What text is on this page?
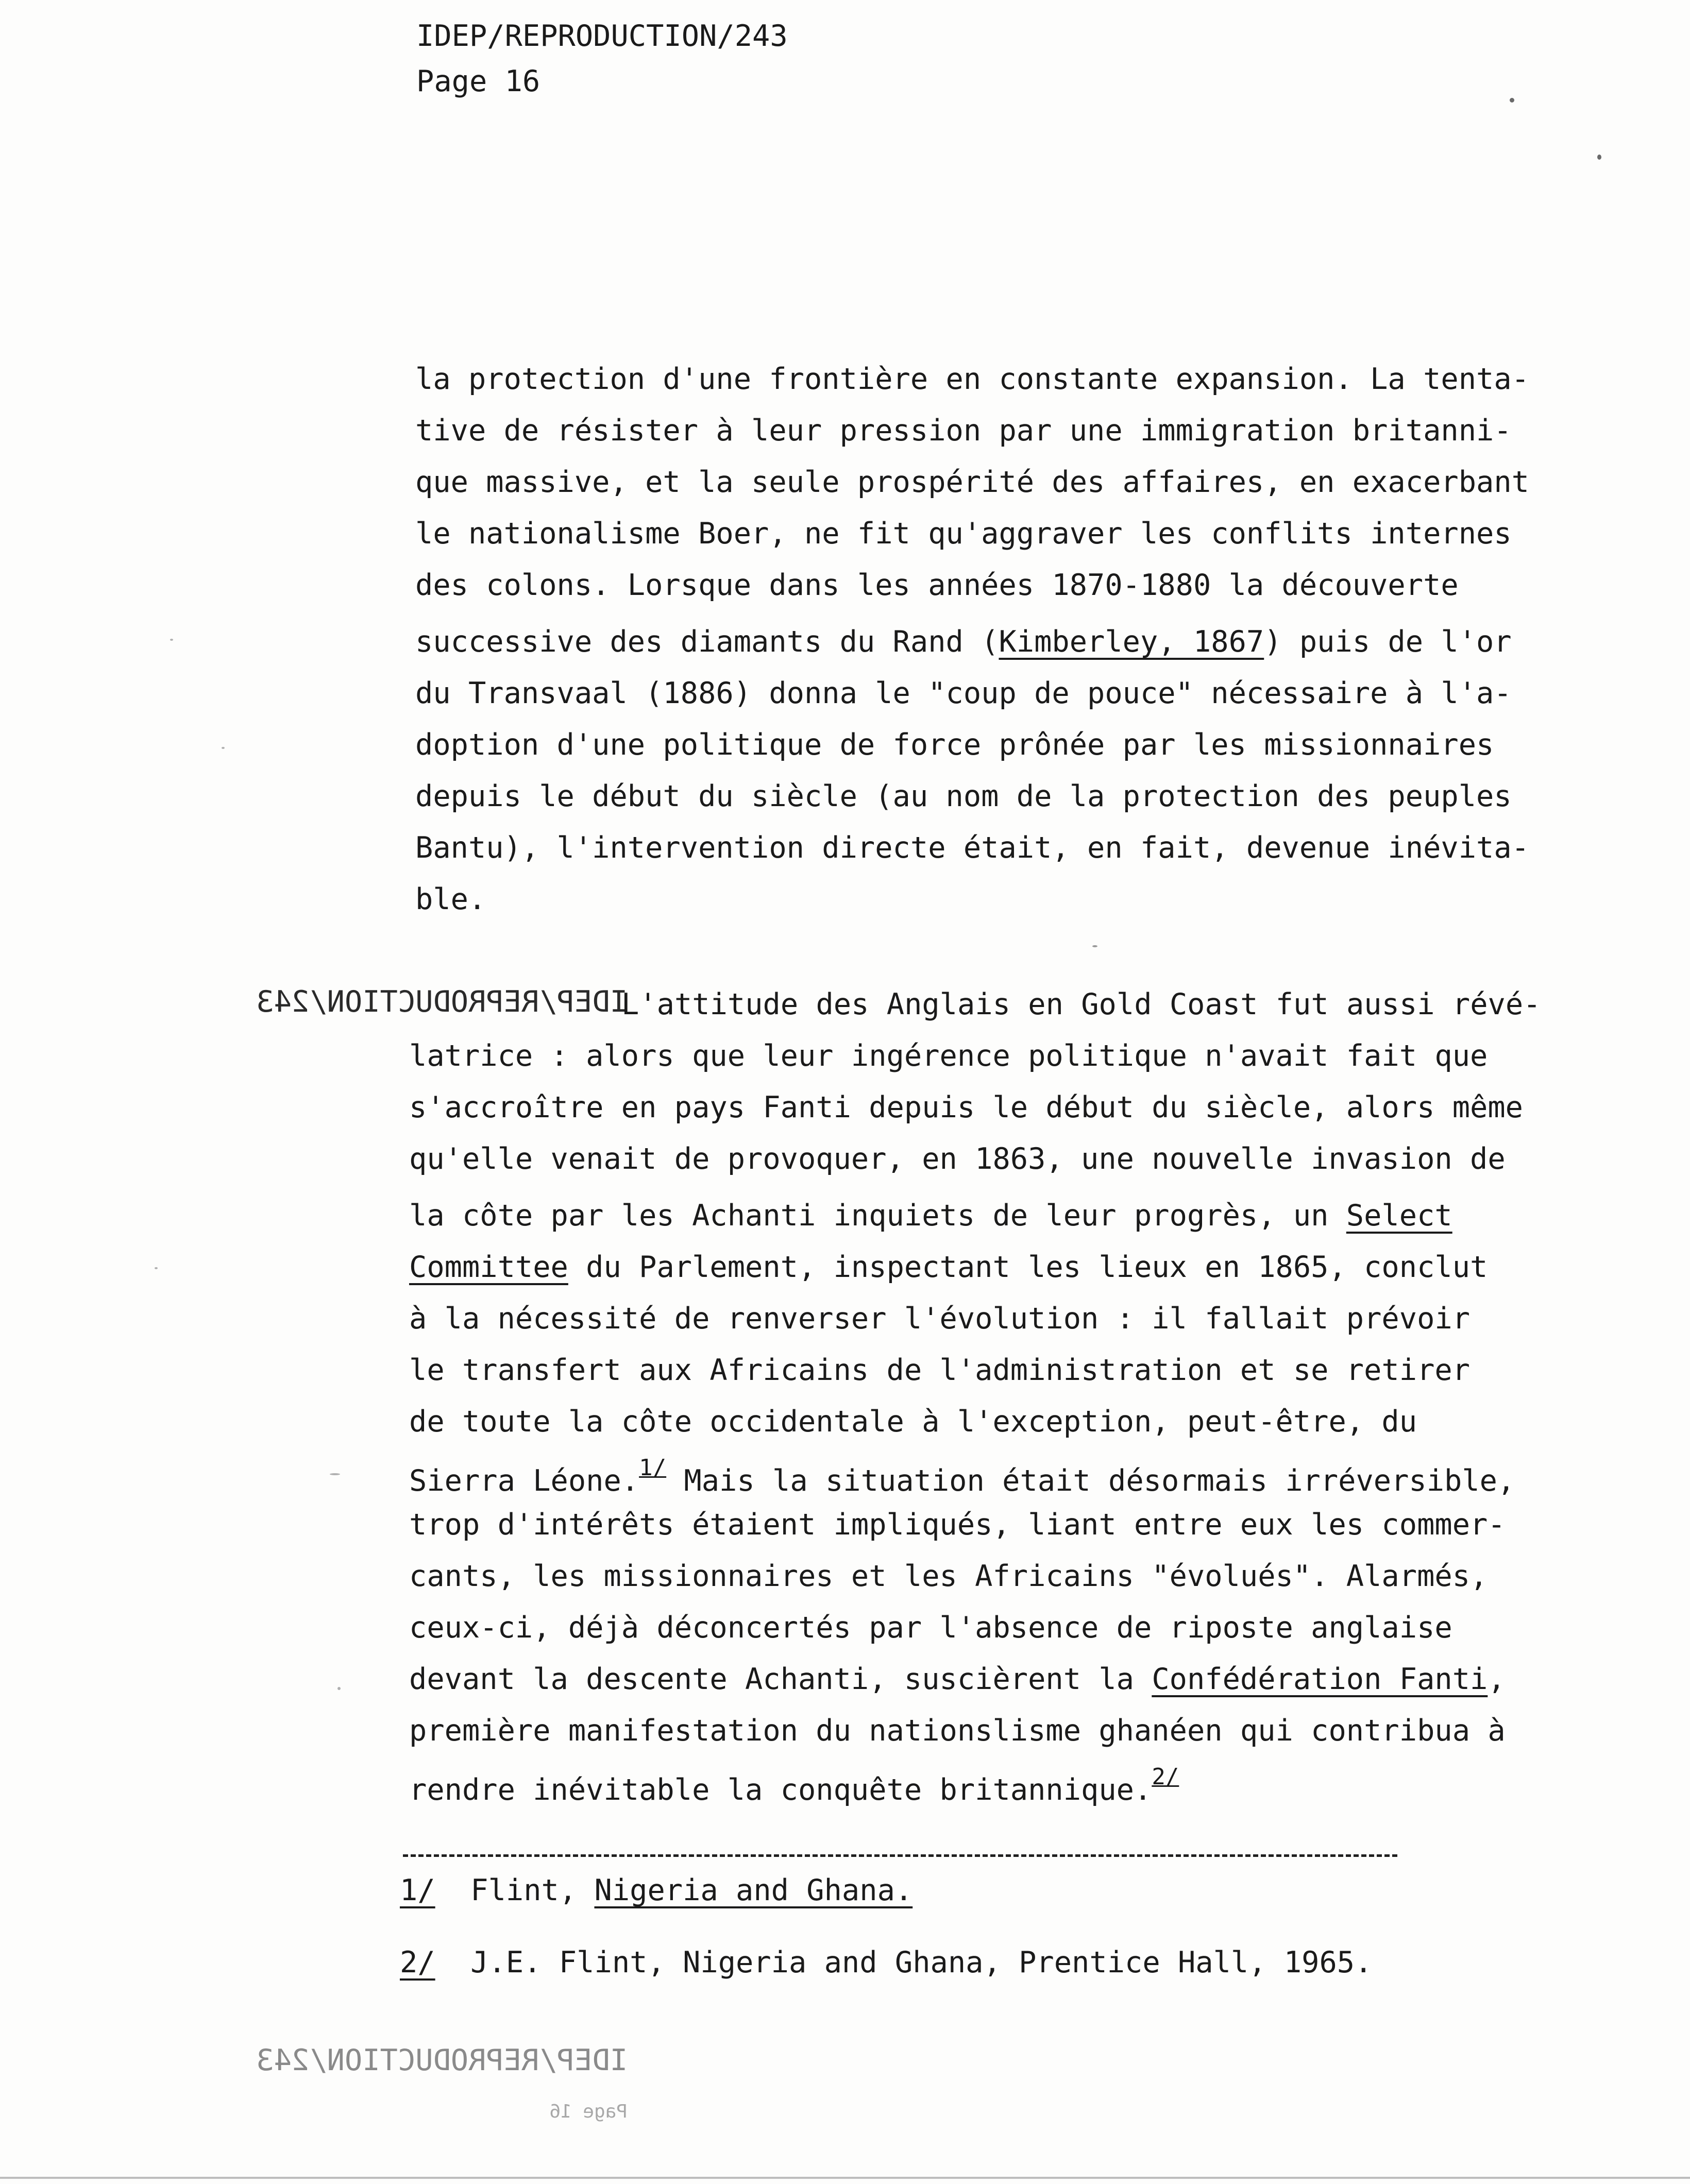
IDEP/REPRODUCTION/243
Page 16
la protection d'une frontière en constante expansion. La tenta-
tive de résister à leur pression par une immigration britanni-
que massive, et la seule prospérité des affaires, en exacerbant
le nationalisme Boer, ne fit qu'aggraver les conflits internes
des colons. Lorsque dans les années 1870-1880 la découverte
successive des diamants du Rand (Kimberley, 1867) puis de l'or
du Transvaal (1886) donna le "coup de pouce" nécessaire à l'a-
doption d'une politique de force prônée par les missionnaires
depuis le début du siècle (au nom de la protection des peuples
Bantu), l'intervention directe était, en fait, devenue inévita-
ble.
IDEP/REPRODUCTION/243
L'attitude des Anglais en Gold Coast fut aussi révé-
latrice : alors que leur ingérence politique n'avait fait que
s'accroître en pays Fanti depuis le début du siècle, alors même
qu'elle venait de provoquer, en 1863, une nouvelle invasion de
la côte par les Achanti inquiets de leur progrès, un Select
Committee du Parlement, inspectant les lieux en 1865, conclut
à la nécessité de renverser l'évolution : il fallait prévoir
le transfert aux Africains de l'administration et se retirer
de toute la côte occidentale à l'exception, peut-être, du
Sierra Léone.$^{1/}$ Mais la situation était désormais irréversible,
trop d'intérêts étaient impliqués, liant entre eux les commer-
cants, les missionnaires et les Africains "évolués". Alarmés,
ceux-ci, déjà déconcertés par l'absence de riposte anglaise
devant la descente Achanti, suscièrent la Confédération Fanti,
première manifestation du nationslisme ghanéen qui contribua à
rendre inévitable la conquête britannique.$^{2/}$
1/ Flint, Nigeria and Ghana.
2/ J.E. Flint, Nigeria and Ghana, Prentice Hall, 1965.
IDEP/REPRODUCTION/243
Page 16
